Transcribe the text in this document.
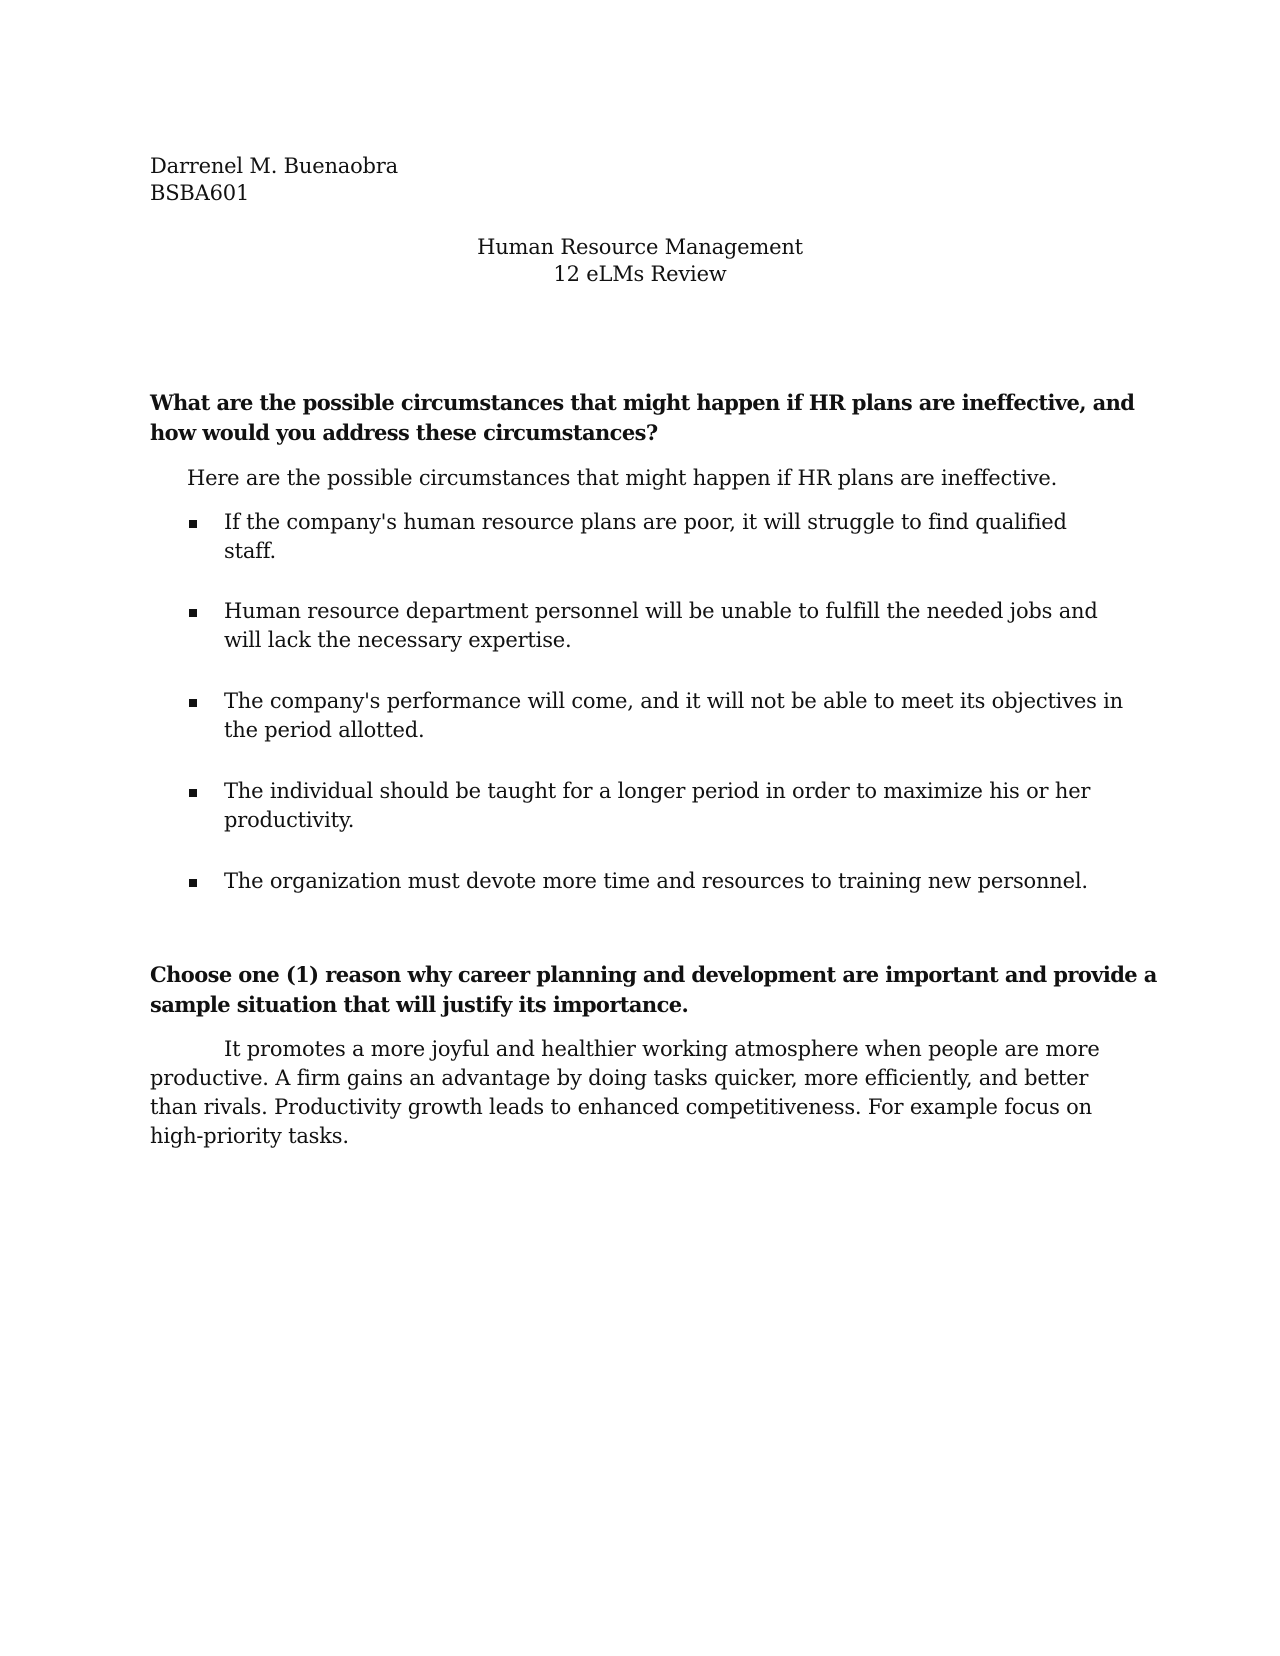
Darrenel M. Buenaobra

BSBA601

Human Resource Management

12 eLMs Review

What are the possible circumstances that might happen if HR plans are ineffective, and

how would you address these circumstances?

Here are the possible circumstances that might happen if HR plans are ineffective.

If the company's human resource plans are poor, it will struggle to find qualified

staff.

Human resource department personnel will be unable to fulfill the needed jobs and

will lack the necessary expertise.

The company's performance will come, and it will not be able to meet its objectives in

the period allotted.

The individual should be taught for a longer period in order to maximize his or her

productivity.

The organization must devote more time and resources to training new personnel.

Choose one (1) reason why career planning and development are important and provide a

sample situation that will justify its importance.

It promotes a more joyful and healthier working atmosphere when people are more productive. A firm gains an advantage by doing tasks quicker, more efficiently, and better than rivals. Productivity growth leads to enhanced competitiveness. For example focus on high-priority tasks.
